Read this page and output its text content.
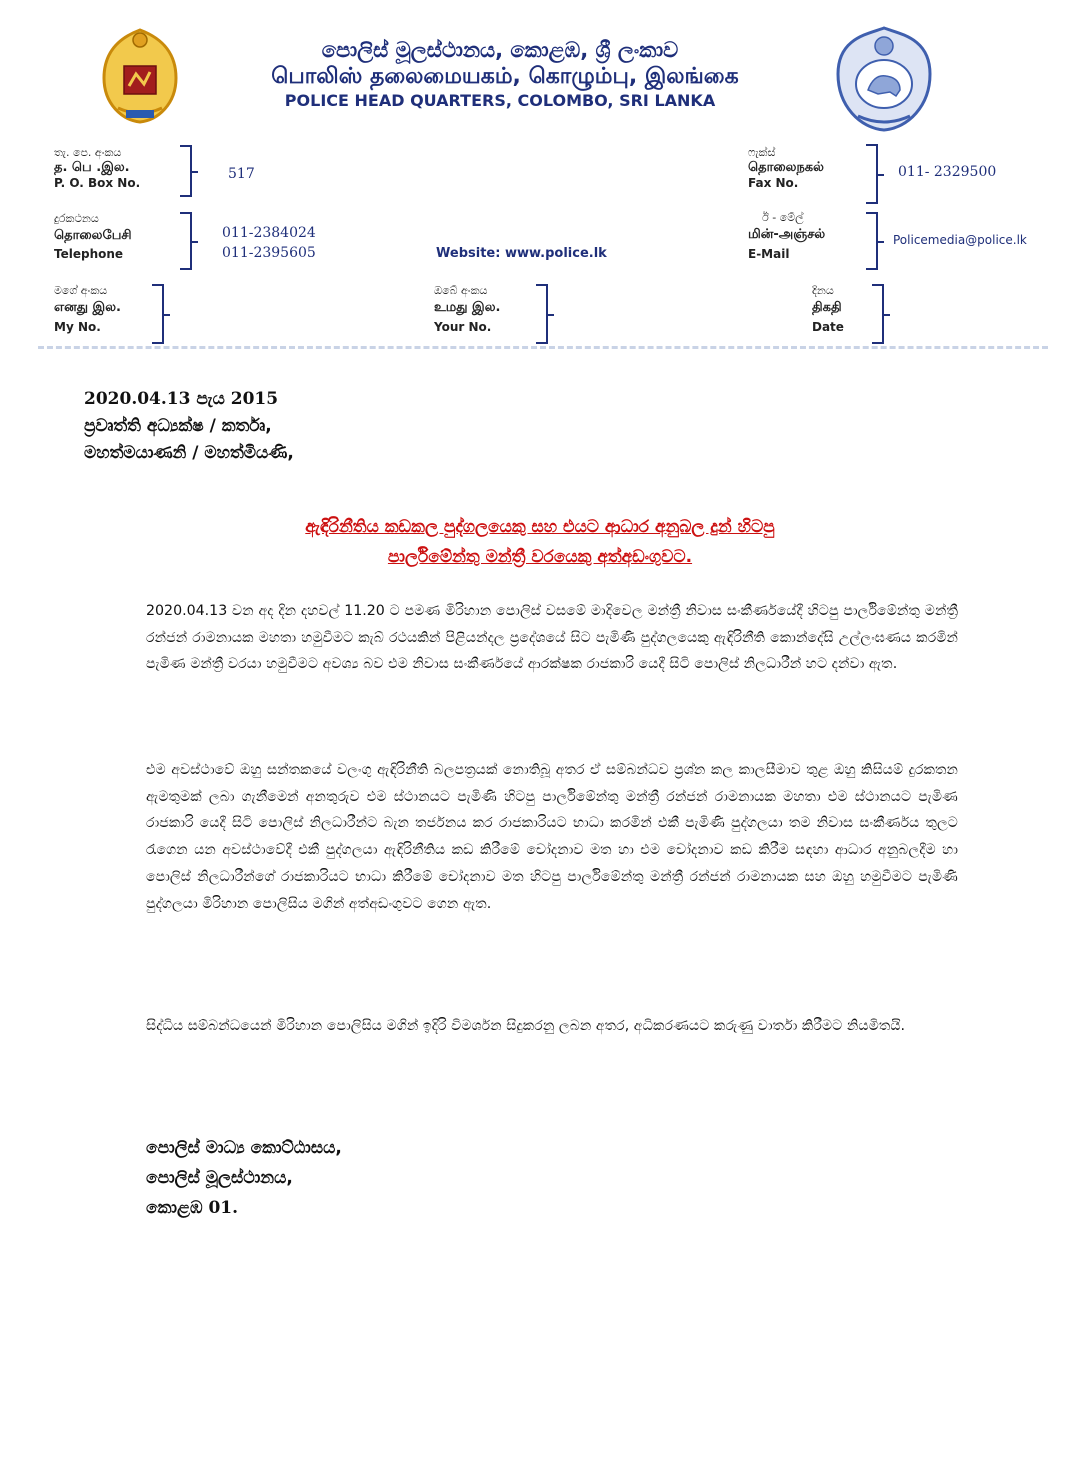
පොලිස් මූලස්ථානය, කොළඹ, ශ්‍රී ලංකාව
பொலிஸ் தலைமையகம், கொழும்பு, இலங்கை
POLICE HEAD QUARTERS, COLOMBO, SRI LANKA
තැ. පෙ. අංකය
த. பெ .இல.
P. O. Box No.
517
දුරකථනය
தொலைபேசி
Telephone
011-2384024
011-2395605	Website: www.police.lk
ෆැක්ස්
தொலைநகல்
Fax No.
011- 2329500
ඊ - මේල්
மின்-அஞ்சல்
E-Mail
Policemedia@police.lk
මගේ අංකය
எனது இல.
My No.
ඔබේ අංකය
உமது இல.
Your No.
දිනය
திகதி
Date
2020.04.13 පැය 2015
ප්‍රවෘත්ති අධ්‍යක්ෂ / කර්තෘ,
මහත්මයාණනි / මහත්මියණි,
ඇඳිරිනීතිය කඩකල පුද්ගලයෙකු සහ එයට ආධාර අනුබල දුන් හිටපු
පාර්ලිමේන්තු මන්ත්‍රී වරයෙකු අත්අඩංගුවට.
2020.04.13 වන අද දින දහවල් 11.20 ට පමණ මිරිහාන පොලිස් වසමේ මාදිවෙල මන්ත්‍රී නිවාස සංකීර්ණයේදී හිටපු පාර්ලිමේන්තු මන්ත්‍රී රන්ජන් රාමනායක මහතා හමුවීමට කැබ් රථයකින් පිළියන්දල ප්‍රදේශයේ සිට පැමිණි පුද්ගලයෙකු ඇඳිරිනීති කොන්දේසි උල්ලංඝණය කරමින් පැමිණ මන්ත්‍රී වරයා හමුවීමට අවශ්‍ය බව එම නිවාස සංකීර්ණයේ ආරක්ෂක රාජකාරි යෙදී සිටි පොලිස් නිලධාරීන් හට දන්වා ඇත.
එම අවස්ථාවේ ඔහු සන්තකයේ වලංගු ඇඳිරිනීති බලපත්‍රයක් නොතිබූ අතර ඒ සම්බන්ධව ප්‍රශ්න කල කාලසීමාව තුළ ඔහු කිසියම් දුරකතන ඇමතුමක් ලබා ගැනීමෙන් අනතුරුව එම ස්ථානයට පැමිණි හිටපු පාර්ලිමේන්තු මන්ත්‍රී රන්ජන් රාමනායක මහතා එම ස්ථානයට පැමිණ රාජකාරි යෙදී සිටි පොලිස් නිලධාරීන්ට බැන තර්ජනය කර රාජකාරියට භාධා කරමින් එකී පැමිණි පුද්ගලයා තම නිවාස සංකීර්ණය තුලට රැගෙන යන අවස්ථාවේදී එකී පුද්ගලයා ඇඳිරිනීතිය කඩ කිරීමේ චෝදනාව මත හා එම චෝදනාව කඩ කිරීම සඳහා ආධාර අනුබලදීම හා පොලිස් නිලධාරීන්ගේ රාජකාරියට භාධා කිරීමේ චෝදනාව මත හිටපු පාර්ලිමේන්තු මන්ත්‍රී රන්ජන් රාමනායක සහ ඔහු හමුවීමට පැමිණි පුද්ගලයා මිරිහාන පොලිසිය මගින් අත්අඩංගුවට ගෙන ඇත.
සිද්ධිය සම්බන්ධයෙන් මිරිහාන පොලිසිය මගින් ඉදිරි විමර්ශන සිදුකරනු ලබන අතර, අධිකරණයට කරුණු වාර්තා කිරීමට නියමිතයි.
පොලිස් මාධ්‍ය කොට්ඨාසය,
පොලිස් මූලස්ථානය,
කොළඹ 01.
